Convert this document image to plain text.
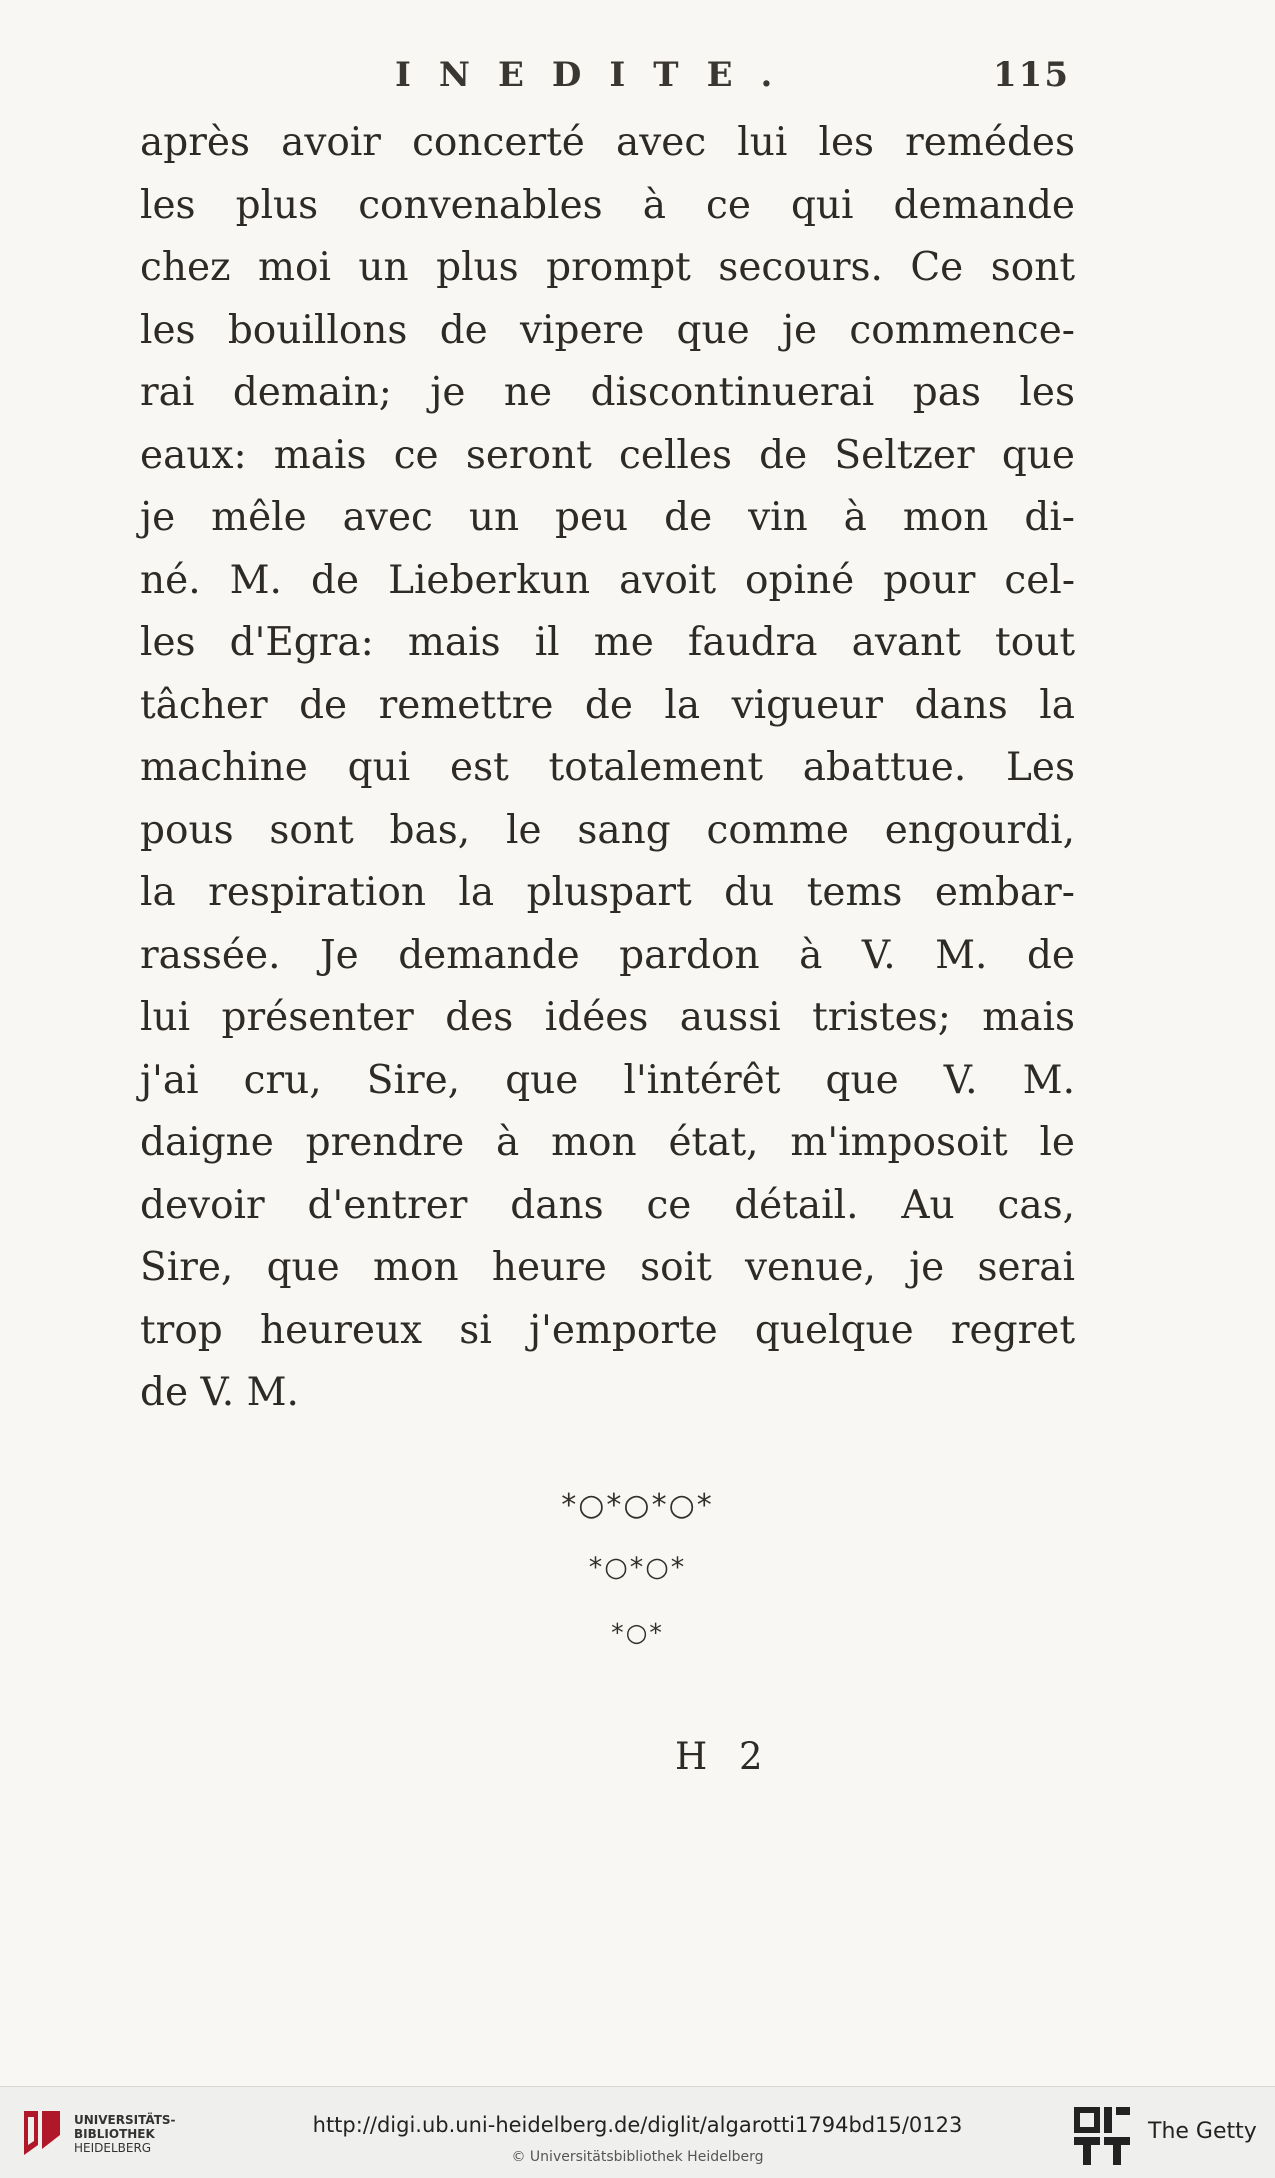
INEDITE.	115
après avoir concerté avec lui les remédes
les plus convenables à ce qui demande
chez moi un plus prompt secours. Ce sont
les bouillons de vipere que je commence-
rai demain; je ne discontinuerai pas les
eaux: mais ce seront celles de Seltzer que
je mêle avec un peu de vin à mon di-
né. M. de Lieberkun avoit opiné pour cel-
les d'Egra: mais il me faudra avant tout
tâcher de remettre de la vigueur dans la
machine qui est totalement abattue. Les
pous sont bas, le sang comme engourdi,
la respiration la pluspart du tems embar-
rassée. Je demande pardon à V. M. de
lui présenter des idées aussi tristes; mais
j'ai cru, Sire, que l'intérêt que V. M.
daigne prendre à mon état, m'imposoit le
devoir d'entrer dans ce détail. Au cas,
Sire, que mon heure soit venue, je serai
trop heureux si j'emporte quelque regret
de V. M.
*○*○*○*
*○*○*
*○*
H 2
UNIVERSITÄTS-
BIBLIOTHEK
HEIDELBERG
http://digi.ub.uni-heidelberg.de/diglit/algarotti1794bd15/0123
© Universitätsbibliothek Heidelberg
The Getty
